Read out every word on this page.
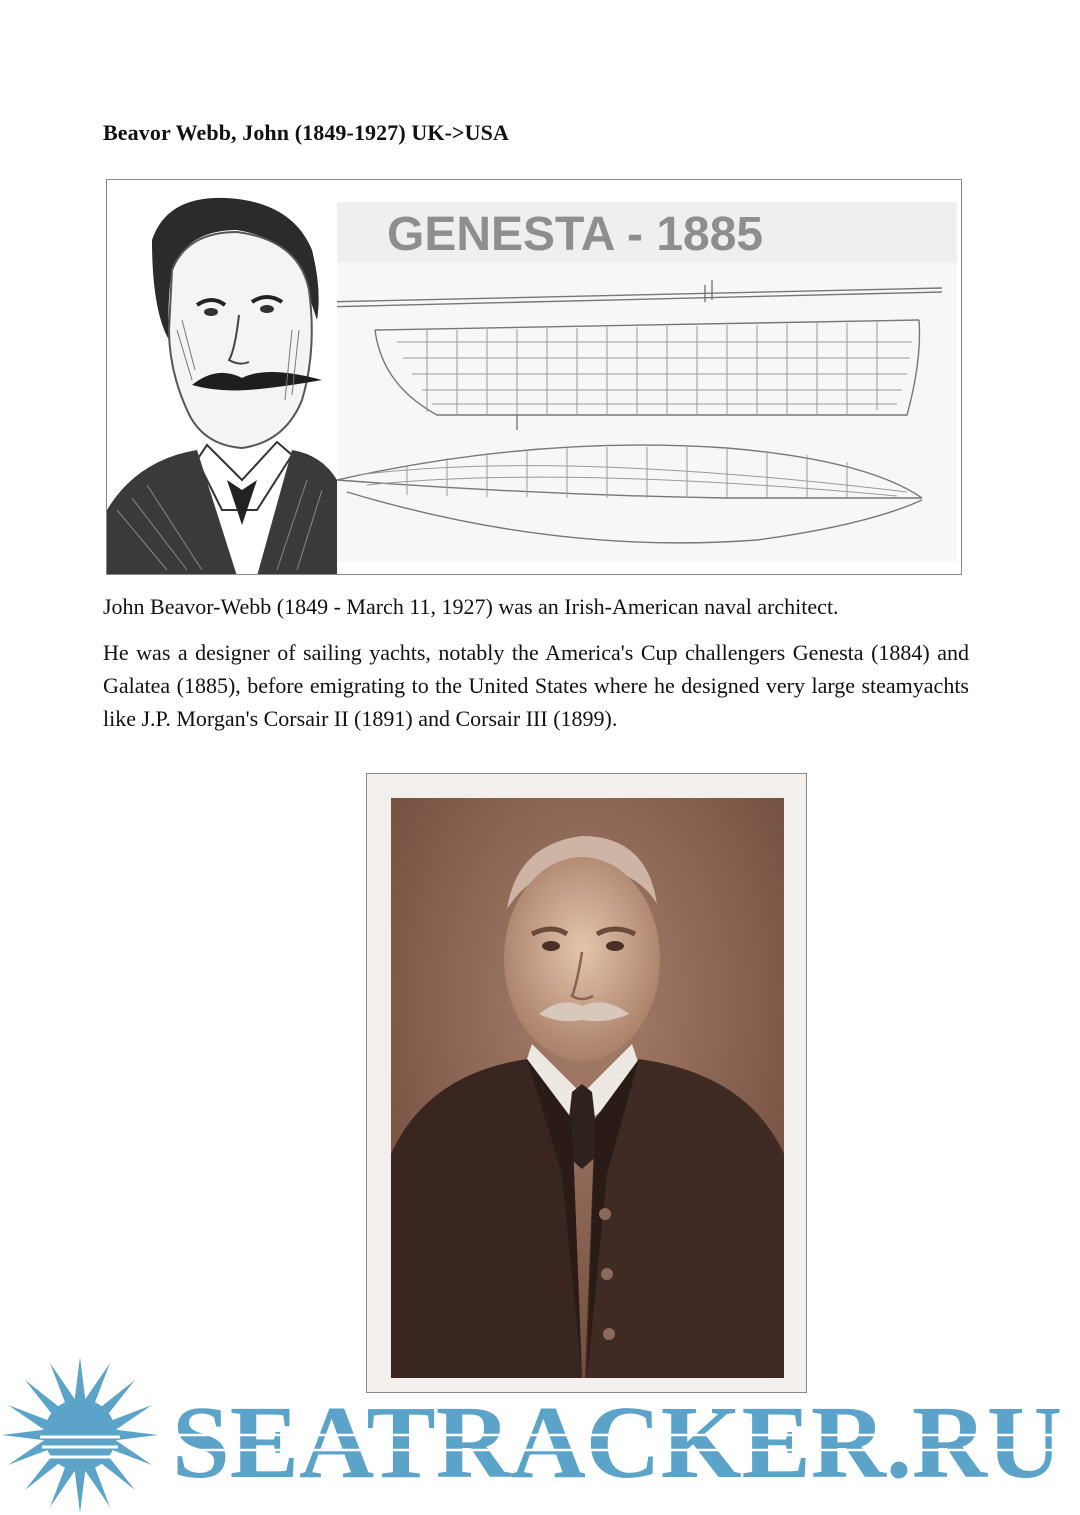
Beavor Webb, John (1849-1927) UK->USA
GENESTA - 1885

John Beavor-Webb (1849 - March 11, 1927) was an Irish-American naval architect.

He was a designer of sailing yachts, notably the America's Cup challengers Genesta (1884) and Galatea (1885), before emigrating to the United States where he designed very large steamyachts like J.P. Morgan's Corsair II (1891) and Corsair III (1899).

SEATRACKER.RU
